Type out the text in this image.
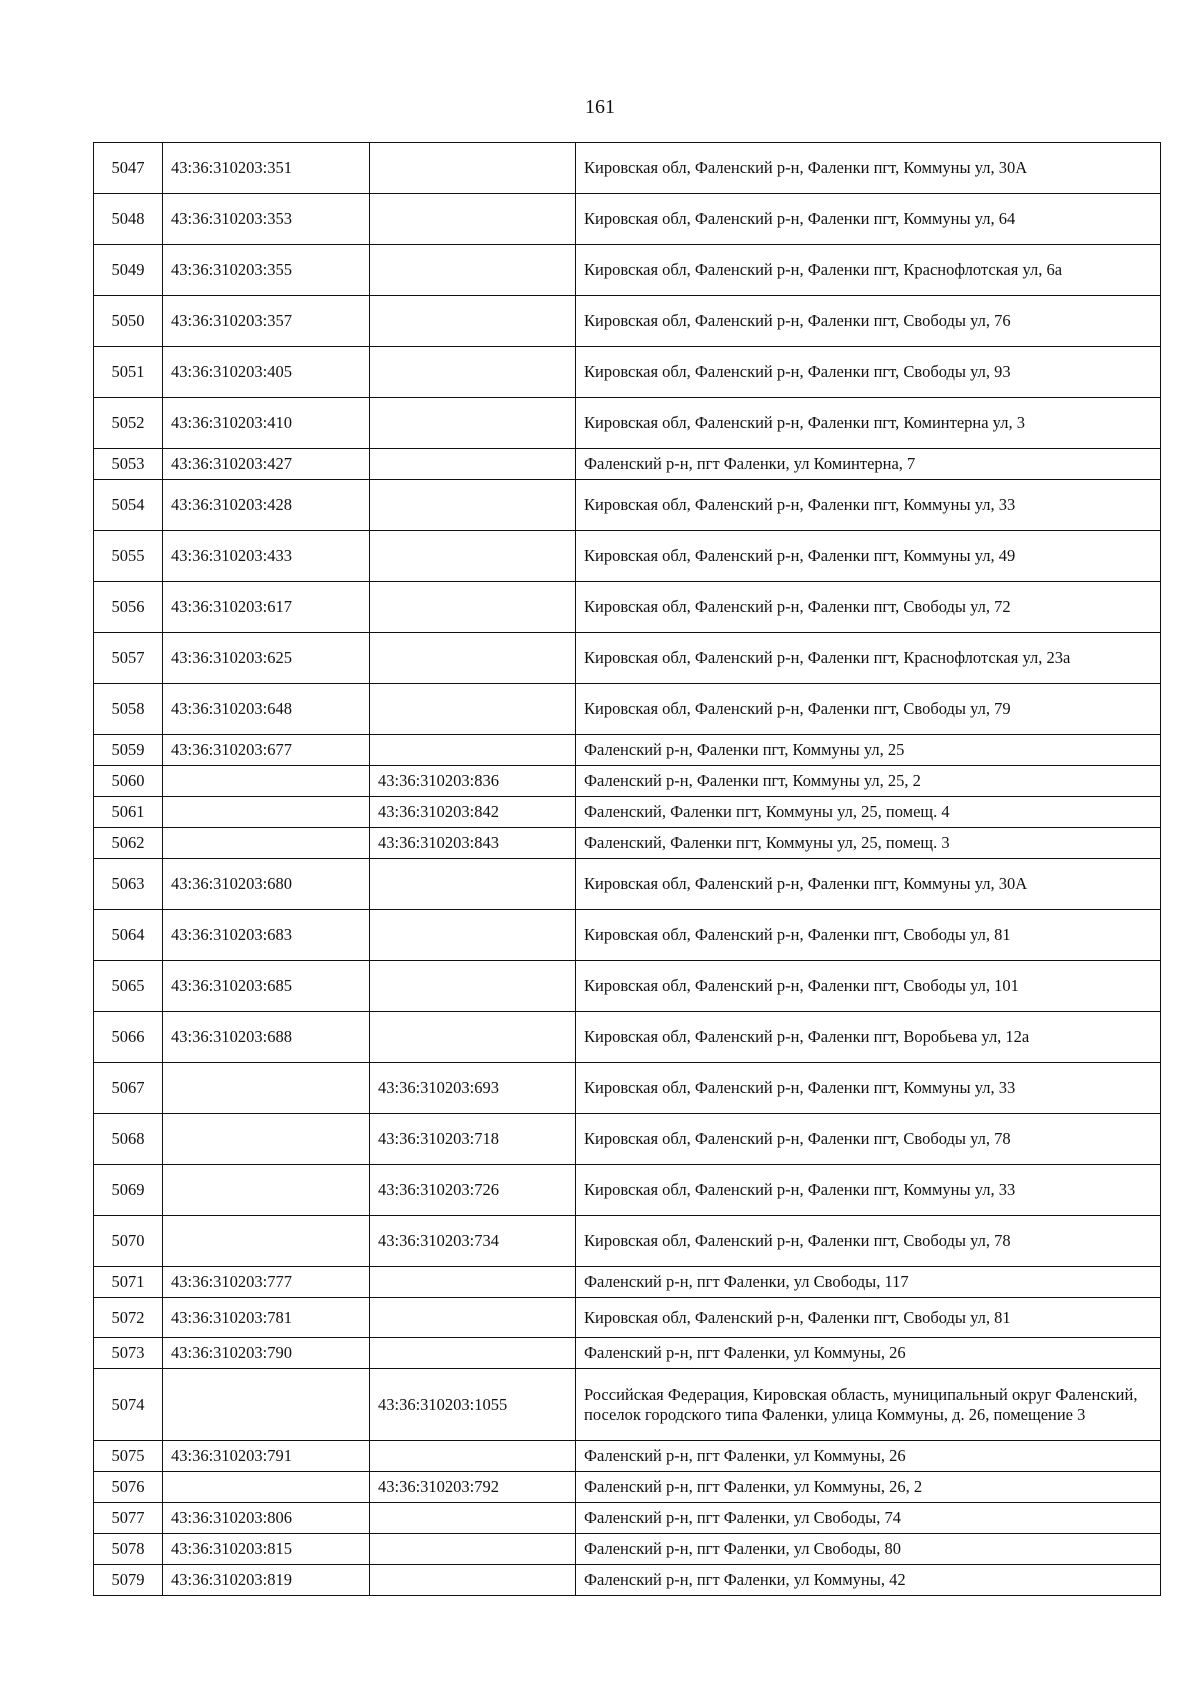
161
5047	43:36:310203:351		Кировская обл, Фаленский р-н, Фаленки пгт, Коммуны ул, 30А
5048	43:36:310203:353		Кировская обл, Фаленский р-н, Фаленки пгт, Коммуны ул, 64
5049	43:36:310203:355		Кировская обл, Фаленский р-н, Фаленки пгт, Краснофлотская ул, 6а
5050	43:36:310203:357		Кировская обл, Фаленский р-н, Фаленки пгт, Свободы ул, 76
5051	43:36:310203:405		Кировская обл, Фаленский р-н, Фаленки пгт, Свободы ул, 93
5052	43:36:310203:410		Кировская обл, Фаленский р-н, Фаленки пгт, Коминтерна ул, 3
5053	43:36:310203:427		Фаленский р-н, пгт Фаленки, ул Коминтерна, 7
5054	43:36:310203:428		Кировская обл, Фаленский р-н, Фаленки пгт, Коммуны ул, 33
5055	43:36:310203:433		Кировская обл, Фаленский р-н, Фаленки пгт, Коммуны ул, 49
5056	43:36:310203:617		Кировская обл, Фаленский р-н, Фаленки пгт, Свободы ул, 72
5057	43:36:310203:625		Кировская обл, Фаленский р-н, Фаленки пгт, Краснофлотская ул, 23а
5058	43:36:310203:648		Кировская обл, Фаленский р-н, Фаленки пгт, Свободы ул, 79
5059	43:36:310203:677		Фаленский р-н, Фаленки пгт, Коммуны ул, 25
5060		43:36:310203:836	Фаленский р-н, Фаленки пгт, Коммуны ул, 25, 2
5061		43:36:310203:842	Фаленский, Фаленки пгт, Коммуны ул, 25, помещ. 4
5062		43:36:310203:843	Фаленский, Фаленки пгт, Коммуны ул, 25, помещ. 3
5063	43:36:310203:680		Кировская обл, Фаленский р-н, Фаленки пгт, Коммуны ул, 30А
5064	43:36:310203:683		Кировская обл, Фаленский р-н, Фаленки пгт, Свободы ул, 81
5065	43:36:310203:685		Кировская обл, Фаленский р-н, Фаленки пгт, Свободы ул, 101
5066	43:36:310203:688		Кировская обл, Фаленский р-н, Фаленки пгт, Воробьева ул, 12а
5067		43:36:310203:693	Кировская обл, Фаленский р-н, Фаленки пгт, Коммуны ул, 33
5068		43:36:310203:718	Кировская обл, Фаленский р-н, Фаленки пгт, Свободы ул, 78
5069		43:36:310203:726	Кировская обл, Фаленский р-н, Фаленки пгт, Коммуны ул, 33
5070		43:36:310203:734	Кировская обл, Фаленский р-н, Фаленки пгт, Свободы ул, 78
5071	43:36:310203:777		Фаленский р-н, пгт Фаленки, ул Свободы, 117
5072	43:36:310203:781		Кировская обл, Фаленский р-н, Фаленки пгт, Свободы ул, 81
5073	43:36:310203:790		Фаленский р-н, пгт Фаленки, ул Коммуны, 26
5074		43:36:310203:1055	Российская Федерация, Кировская область, муниципальный округ Фаленский, поселок городского типа Фаленки, улица Коммуны, д. 26, помещение 3
5075	43:36:310203:791		Фаленский р-н, пгт Фаленки, ул Коммуны, 26
5076		43:36:310203:792	Фаленский р-н, пгт Фаленки, ул Коммуны, 26, 2
5077	43:36:310203:806		Фаленский р-н, пгт Фаленки, ул Свободы, 74
5078	43:36:310203:815		Фаленский р-н, пгт Фаленки, ул Свободы, 80
5079	43:36:310203:819		Фаленский р-н, пгт Фаленки, ул Коммуны, 42
